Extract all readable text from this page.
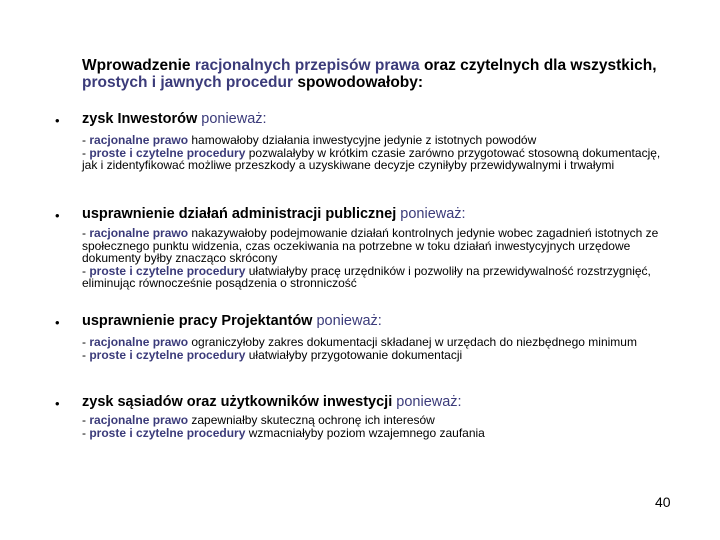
Wprowadzenie racjonalnych przepisów prawa oraz czytelnych dla wszystkich, prostych i jawnych procedur spowodowałoby:
• zysk Inwestorów ponieważ:

- racjonalne prawo hamowałoby działania inwestycyjne jedynie z istotnych powodów

- proste i czytelne procedury pozwalałyby w krótkim czasie zarówno przygotować stosowną dokumentację, jak i zidentyfikować możliwe przeszkody a uzyskiwane decyzje czyniłyby przewidywalnymi i trwałymi

• usprawnienie działań administracji publicznej ponieważ:

- racjonalne prawo nakazywałoby podejmowanie działań kontrolnych jedynie wobec zagadnień istotnych ze społecznego punktu widzenia, czas oczekiwania na potrzebne w toku działań inwestycyjnych urzędowe dokumenty byłby znacząco skrócony

- proste i czytelne procedury ułatwiałyby pracę urzędników i pozwoliły na przewidywalność rozstrzygnięć, eliminując równocześnie posądzenia o stronniczość

• usprawnienie pracy Projektantów ponieważ:

- racjonalne prawo ograniczyłoby zakres dokumentacji składanej w urzędach do niezbędnego minimum

- proste i czytelne procedury ułatwiałyby przygotowanie dokumentacji

• zysk sąsiadów oraz użytkowników inwestycji ponieważ:

- racjonalne prawo zapewniałby skuteczną ochronę ich interesów

- proste i czytelne procedury wzmacniałyby poziom wzajemnego zaufania

40
